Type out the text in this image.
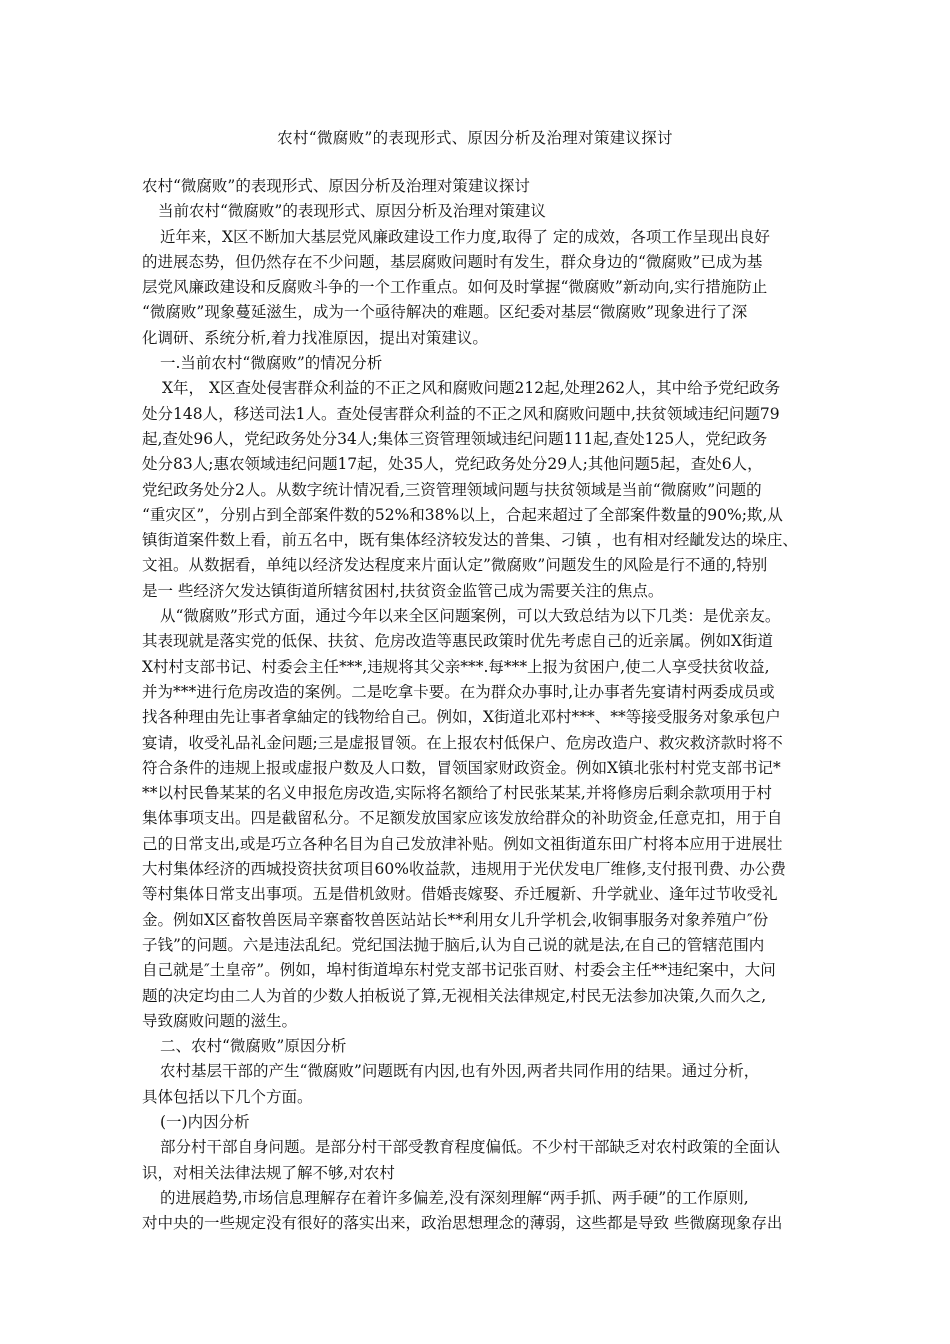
农村“微腐败”的表现形式、原因分析及治理对策建议探讨
农村“微腐败”的表现形式、原因分析及治理对策建议探讨
当前农村“微腐败”的表现形式、原因分析及治理对策建议
近年来，X区不断加大基层党风廉政建设工作力度,取得了 定的成效，各项工作呈现出良好
的进展态势，但仍然存在不少问题，基层腐败问题时有发生，群众身边的“微腐败”已成为基
层党风廉政建设和反腐败斗争的一个工作重点。如何及时掌握“微腐败”新动向,实行措施防止
“微腐败”现象蔓延滋生，成为一个亟待解决的难题。区纪委对基层“微腐败”现象进行了深
化调研、系统分析,着力找准原因，提出对策建议。
一.当前农村“微腐败”的情况分析
X年， X区查处侵害群众利益的不正之风和腐败问题212起,处理262人，其中给予党纪政务
处分148人，移送司法1人。查处侵害群众利益的不正之风和腐败问题中,扶贫领域违纪问题79
起,查处96人，党纪政务处分34人;集体三资管理领域违纪问题111起,查处125人，党纪政务
处分83人;惠农领域违纪问题17起，处35人，党纪政务处分29人;其他问题5起，查处6人，
党纪政务处分2人。从数字统计情况看,三资管理领域问题与扶贫领域是当前“微腐败”问题的
“重灾区”，分别占到全部案件数的52%和38%以上，合起来超过了全部案件数量的90%;欺,从
镇街道案件数上看，前五名中，既有集体经济较发达的普集、刁镇 ，也有相对经龇发达的垛庄、
文祖。从数据看，单纯以经济发达程度来片面认定”微腐败”问题发生的风险是行不通的,特别
是一 些经济欠发达镇街道所辖贫困村,扶贫资金监管己成为需要关注的焦点。
从“微腐败”形式方面，通过今年以来全区问题案例，可以大致总结为以下几类：是优亲友。
其表现就是落实党的低保、扶贫、危房改造等惠民政策时优先考虑自己的近亲属。例如X街道
X村村支部书记、村委会主任***,违规将其父亲***.每***上报为贫困户,使二人享受扶贫收益,
并为***进行危房改造的案例。二是吃拿卡要。在为群众办事时,让办事者先宴请村两委成员或
找各种理由先让事者拿紬定的钱物给自己。例如，X街道北邓村***、**等接受服务对象承包户
宴请，收受礼品礼金问题;三是虚报冒领。在上报农村低保户、危房改造户、救灾救济款时将不
符合条件的违规上报或虚报户数及人口数，冒领国家财政资金。例如X镇北张村村党支部书记*
**以村民鲁某某的名义申报危房改造,实际将名额给了村民张某某,并将修房后剩余款项用于村
集体事项支出。四是截留私分。不足额发放国家应该发放给群众的补助资金,任意克扣，用于自
己的日常支出,或是巧立各种名目为自己发放津补贴。例如文祖街道东田广村将本应用于进展壮
大村集体经济的西城投资扶贫项目60%收益款，违规用于光伏发电厂维修,支付报刊费、办公费
等村集体日常支出事项。五是借机敛财。借婚丧嫁娶、乔迁履新、升学就业、逢年过节收受礼
金。例如X区畜牧兽医局辛寨畜牧兽医站站长**利用女儿升学机会,收铜事服务对象养殖户″份
子钱”的问题。六是违法乱纪。党纪国法抛于脑后,认为自己说的就是法,在自己的管辖范围内
自己就是″土皇帝”。例如，埠村街道埠东村党支部书记张百财、村委会主任**违纪案中，大问
题的决定均由二人为首的少数人拍板说了算,无视相关法律规定,村民无法参加决策,久而久之,
导致腐败问题的滋生。
二、农村“微腐败”原因分析
农村基层干部的产生“微腐败”问题既有内因,也有外因,两者共同作用的结果。通过分析，
具体包括以下几个方面。
(一)内因分析
部分村干部自身问题。是部分村干部受教育程度偏低。不少村干部缺乏对农村政策的全面认
识，对相关法律法规了解不够,对农村
的进展趋势,市场信息理解存在着许多偏差,没有深刻理解“两手抓、两手硬”的工作原则,
对中央的一些规定没有很好的落实出来，政治思想理念的薄弱，这些都是导致 些微腐现象存出
